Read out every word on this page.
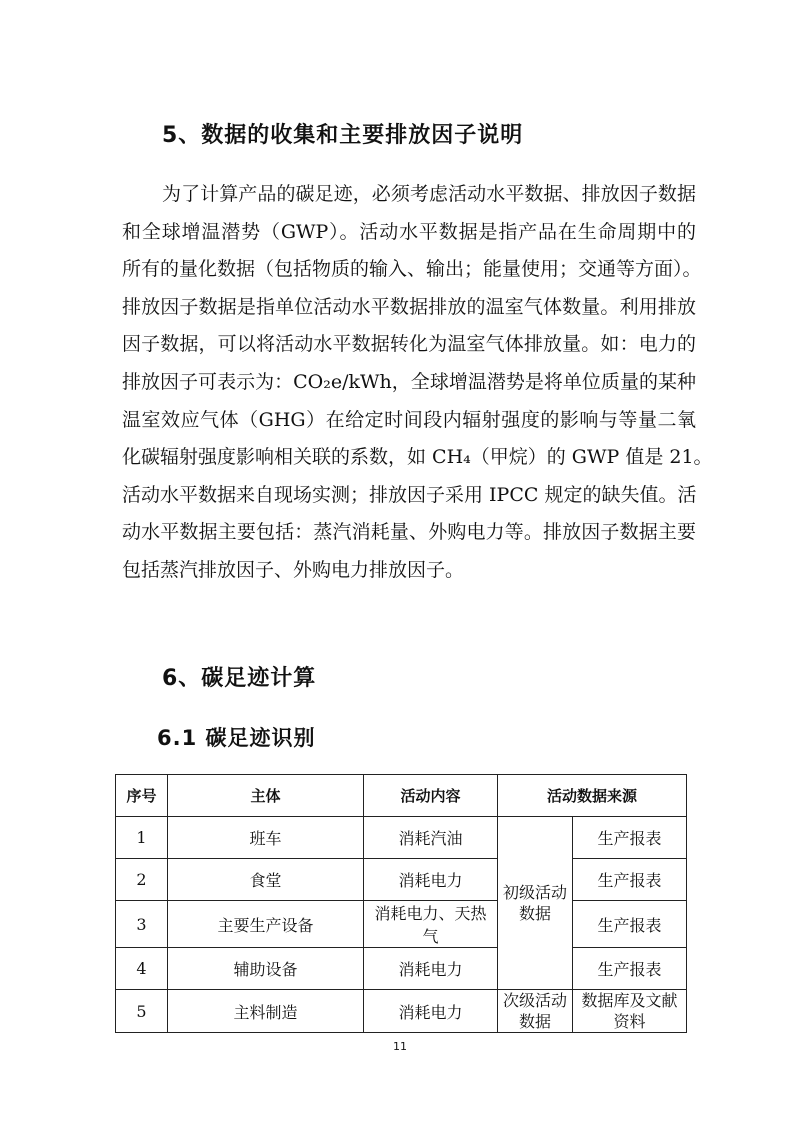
5、数据的收集和主要排放因子说明
为了计算产品的碳足迹，必须考虑活动水平数据、排放因子数据
和全球增温潜势（GWP）。活动水平数据是指产品在生命周期中的
所有的量化数据（包括物质的输入、输出；能量使用；交通等方面）。
排放因子数据是指单位活动水平数据排放的温室气体数量。利用排放
因子数据，可以将活动水平数据转化为温室气体排放量。如：电力的
排放因子可表示为：CO₂e/kWh，全球增温潜势是将单位质量的某种
温室效应气体（GHG）在给定时间段内辐射强度的影响与等量二氧
化碳辐射强度影响相关联的系数，如 CH₄（甲烷）的 GWP 值是 21。
活动水平数据来自现场实测；排放因子采用 IPCC 规定的缺失值。活
动水平数据主要包括：蒸汽消耗量、外购电力等。排放因子数据主要
包括蒸汽排放因子、外购电力排放因子。
6、碳足迹计算
6.1 碳足迹识别
序号	主体	活动内容	活动数据来源	
1	班车	消耗汽油	初级活动数据	生产报表
2	食堂	消耗电力		生产报表
3	主要生产设备	消耗电力、天热气		生产报表
4	辅助设备	消耗电力		生产报表
5	主料制造	消耗电力	次级活动数据	数据库及文献资料
11
